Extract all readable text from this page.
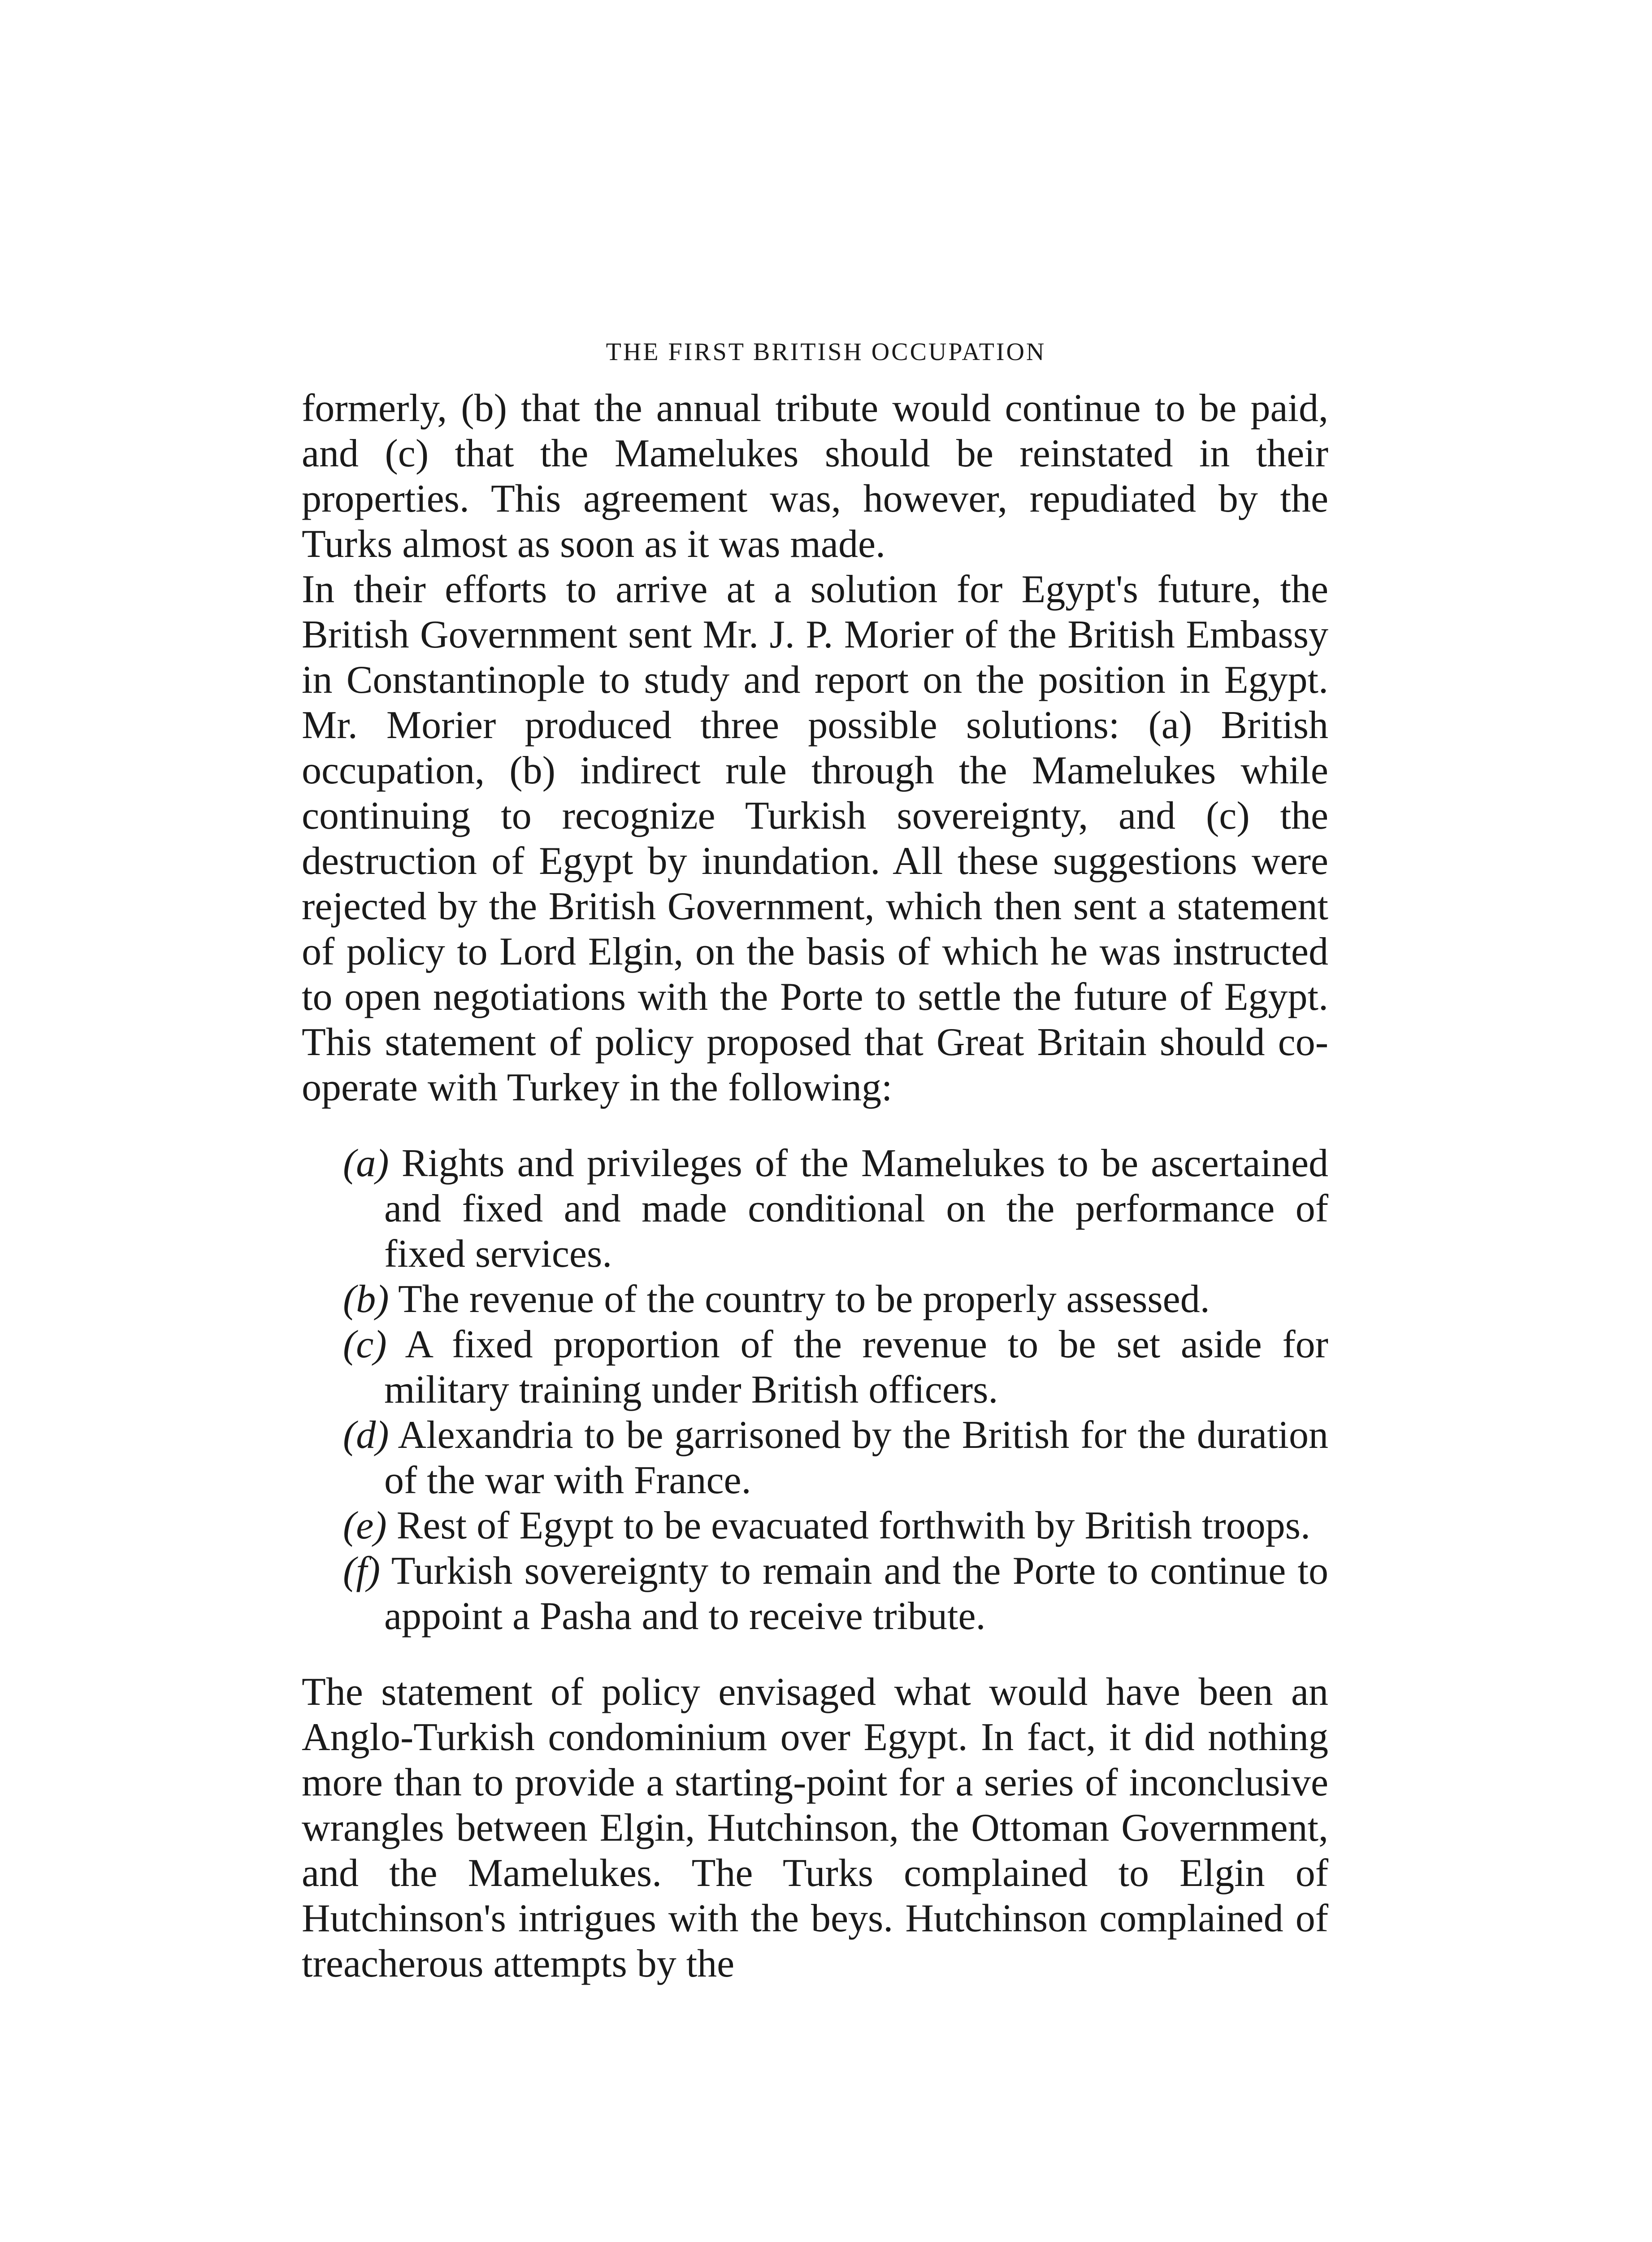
THE FIRST BRITISH OCCUPATION

formerly, (b) that the annual tribute would continue to be paid, and (c) that the Mamelukes should be reinstated in their properties. This agreement was, however, repudiated by the Turks almost as soon as it was made.

In their efforts to arrive at a solution for Egypt's future, the British Government sent Mr. J. P. Morier of the British Embassy in Constantinople to study and report on the position in Egypt. Mr. Morier produced three possible solutions: (a) British occupation, (b) indirect rule through the Mamelukes while continuing to recognize Turkish sovereignty, and (c) the destruction of Egypt by inundation. All these suggestions were rejected by the British Government, which then sent a statement of policy to Lord Elgin, on the basis of which he was instructed to open negotiations with the Porte to settle the future of Egypt. This statement of policy proposed that Great Britain should co-operate with Turkey in the following:

(a) Rights and privileges of the Mamelukes to be ascertained and fixed and made conditional on the performance of fixed services.

(b) The revenue of the country to be properly assessed.

(c) A fixed proportion of the revenue to be set aside for military training under British officers.

(d) Alexandria to be garrisoned by the British for the duration of the war with France.

(e) Rest of Egypt to be evacuated forthwith by British troops.

(f) Turkish sovereignty to remain and the Porte to continue to appoint a Pasha and to receive tribute.

The statement of policy envisaged what would have been an Anglo-Turkish condominium over Egypt. In fact, it did nothing more than to provide a starting-point for a series of inconclusive wrangles between Elgin, Hutchinson, the Ottoman Government, and the Mamelukes. The Turks complained to Elgin of Hutchinson's intrigues with the beys. Hutchinson complained of treacherous attempts by the
